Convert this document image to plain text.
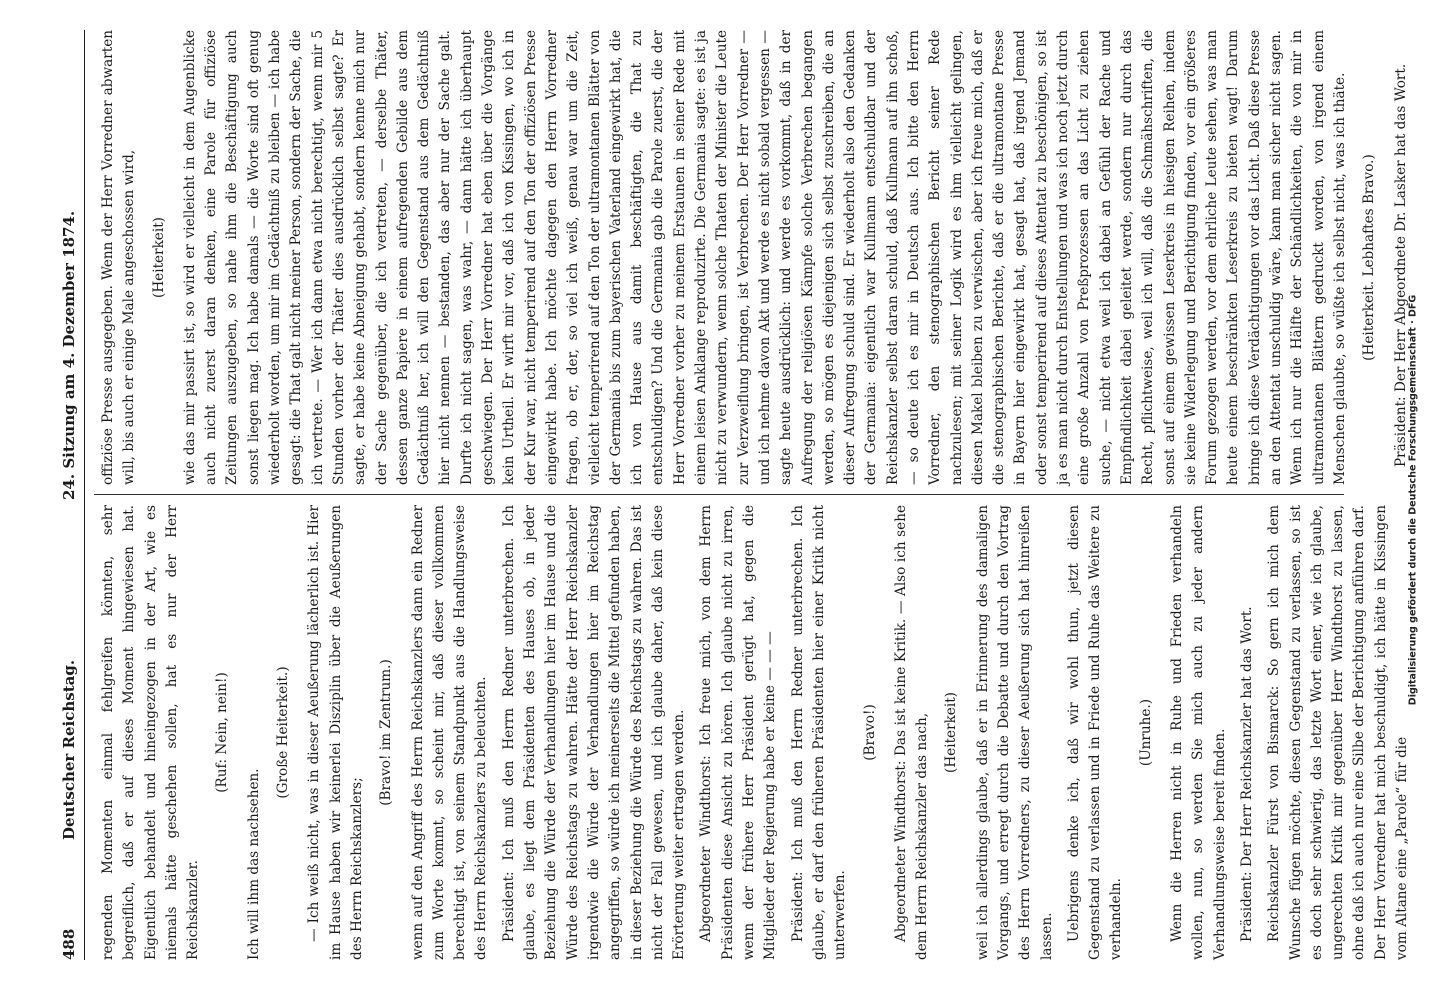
488
Deutscher Reichstag.
24. Sitzung am 4. Dezember 1874.

regenden Momenten einmal fehlgreifen könnten, sehr begreiflich, daß er auf dieses Moment hingewiesen hat. Eigentlich behandelt und hineingezogen in der Art, wie es niemals hätte geschehen sollen, hat es nur der Herr Reichskanzler.

(Ruf: Nein, nein!)

Ich will ihm das nachsehen.

(Große Heiterkeit.) — Ich weiß nicht, was in dieser Aeußerung lächerlich ist. Hier im Hause haben wir keinerlei Disziplin über die Aeußerungen des Herrn Reichskanzlers;

(Bravo! im Zentrum.) wenn auf den Angriff des Herrn Reichskanzlers dann ein Redner zum Worte kommt, so scheint mir, daß dieser vollkommen berechtigt ist, von seinem Standpunkt aus die Handlungsweise des Herrn Reichskanzlers zu beleuchten. Präsident: Ich muß den Herrn Redner unterbrechen. Ich glaube, es liegt dem Präsidenten des Hauses ob, in jeder Beziehung die Würde der Verhandlungen hier im Hause und die Würde des Reichstags zu wahren. Hätte der Herr Reichskanzler irgendwie die Würde der Verhandlungen hier im Reichstag angegriffen, so würde ich meinerseits die Mittel gefunden haben, in dieser Beziehung die Würde des Reichstags zu wahren. Das ist nicht der Fall gewesen, und ich glaube daher, daß kein diese Erörterung weiter ertragen werden. Abgeordneter Windthorst: Ich freue mich, von dem Herrn Präsidenten diese Ansicht zu hören. Ich glaube nicht zu irren, wenn der frühere Herr Präsident gerügt hat, gegen die Mitglieder der Regierung habe er keine — — — Präsident: Ich muß den Herrn Redner unterbrechen. Ich glaube, er darf den früheren Präsidenten hier einer Kritik nicht unterwerfen.

(Bravo!) Abgeordneter Windthorst: Das ist keine Kritik. — Also ich sehe dem Herrn Reichskanzler das nach, (Heiterkeit) weil ich allerdings glaube, daß er in Erinnerung des damaligen Vorgangs, und erregt durch die Debatte und durch den Vortrag des Herrn Vorredners, zu dieser Aeußerung sich hat hinreißen lassen. Uebrigens denke ich, daß wir wohl thun, jetzt diesen Gegenstand zu verlassen und in Friede und Ruhe das Weitere zu verhandeln.

(Unruhe.) Wenn die Herren nicht in Ruhe und Frieden verhandeln wollen, nun, so werden Sie mich auch zu jeder andern Verhandlungsweise bereit finden. Präsident: Der Herr Reichskanzler hat das Wort. Reichskanzler Fürst von Bismarck: So gern ich mich dem Wunsche fügen möchte, diesen Gegenstand zu verlassen, so ist es doch sehr schwierig, das letzte Wort einer, wie ich glaube, ungerechten Kritik mir gegenüber Herr Windthorst zu lassen, ohne daß ich auch nur eine Silbe der Berichtigung anführen darf. Der Herr Vorredner hat mich beschuldigt, ich hätte in Kissingen vom Altane eine „Parole“ für die

offiziöse Presse ausgegeben. Wenn der Herr Vorredner abwarten will, bis auch er einige Male angeschossen wird, (Heiterkeit) wie das mir passirt ist, so wird er vielleicht in dem Augenblicke auch nicht zuerst daran denken, eine Parole für offiziöse Zeitungen auszugeben, so nahe ihm die Beschäftigung auch sonst liegen mag. Ich habe damals — die Worte sind oft genug wiederholt worden, um mir im Gedächtniß zu bleiben — ich habe gesagt: die That galt nicht meiner Person, sondern der Sache, die ich vertrete. — Wer ich dann etwa nicht berechtigt, wenn mir 5 Stunden vorher der Thäter dies ausdrücklich selbst sagte? Er sagte, er habe keine Abneigung gehabt, sondern kenne mich nur der Sache gegenüber, die ich vertreten, — derselbe Thäter, dessen ganze Papiere in einem aufregenden Gebilde aus dem Gedächtniß her, ich will den Gegenstand aus dem Gedächtniß hier nicht nennen — bestanden, das aber nur der Sache galt. Durfte ich nicht sagen, was wahr, — dann hätte ich überhaupt geschwiegen. Der Herr Vorredner hat eben über die Vorgänge kein Urtheil. Er wirft mir vor, daß ich von Kissingen, wo ich in der Kur war, nicht temperirend auf den Ton der offiziösen Presse eingewirkt habe. Ich möchte dagegen den Herrn Vorredner fragen, ob er, der, so viel ich weiß, genau war um die Zeit, vielleicht temperirend auf den Ton der ultramontanen Blätter von der Germania bis zum bayerischen Vaterland eingewirkt hat, die ich von Hause aus damit beschäftigten, die That zu entschuldigen? Und die Germania gab die Parole zuerst, die der Herr Vorredner vorher zu meinem Erstaunen in seiner Rede mit einem leisen Anklange reproduzirte. Die Germania sagte: es ist ja nicht zu verwundern, wenn solche Thaten der Minister die Leute zur Verzweiflung bringen, ist Verbrechen. Der Herr Vorredner — und ich nehme davon Akt und werde es nicht sobald vergessen — sagte heute ausdrücklich: und werde es vorkommt, daß in der Aufregung der religiösen Kämpfe solche Verbrechen begangen werden, so mögen es diejenigen sich selbst zuschreiben, die an dieser Aufregung schuld sind. Er wiederholt also den Gedanken der Germania: eigentlich war Kullmann entschuldbar und der Reichskanzler selbst daran schuld, daß Kullmann auf ihn schoß, — so deute ich es mir in Deutsch aus. Ich bitte den Herrn Vorredner, den stenographischen Bericht seiner Rede nachzulesen; mit seiner Logik wird es ihm vielleicht gelingen, diesen Makel bleiben zu verwischen, aber ich freue mich, daß er die stenographischen Berichte, daß er die ultramontane Presse in Bayern hier eingewirkt hat, gesagt hat, daß irgend Jemand oder sonst temperirend auf dieses Attentat zu beschönigen, so ist ja es man nicht durch Entstellungen und was ich noch jetzt durch eine große Anzahl von Preßprozessen an das Licht zu ziehen suche, — nicht etwa weil ich dabei an Gefühl der Rache und Empfindlichkeit dabei geleitet werde, sondern nur durch das Recht, pflichtweise, weil ich will, daß die Schmähschriften, die sonst auf einem gewissen Leserkreis in hiesigen Reihen, indem sie keine Widerlegung und Berichtigung finden, vor ein größeres Forum gezogen werden, vor dem ehrliche Leute sehen, was man heute einem beschränkten Leserkreis zu bieten wagt! Darum bringe ich diese Verdächtigungen vor das Licht. Daß diese Presse an den Attentat unschuldig wäre, kann man sicher nicht sagen. Wenn ich nur die Hälfte der Schändlichkeiten, die von mir in ultramontanen Blättern gedruckt worden, von irgend einem Menschen glaubte, so wüßte ich selbst nicht, was ich thäte. (Heiterkeit. Lebhaftes Bravo.) Präsident: Der Herr Abgeordnete Dr. Lasker hat das Wort.

Digitalisierung gefördert durch die Deutsche Forschungsgemeinschaft · DFG
